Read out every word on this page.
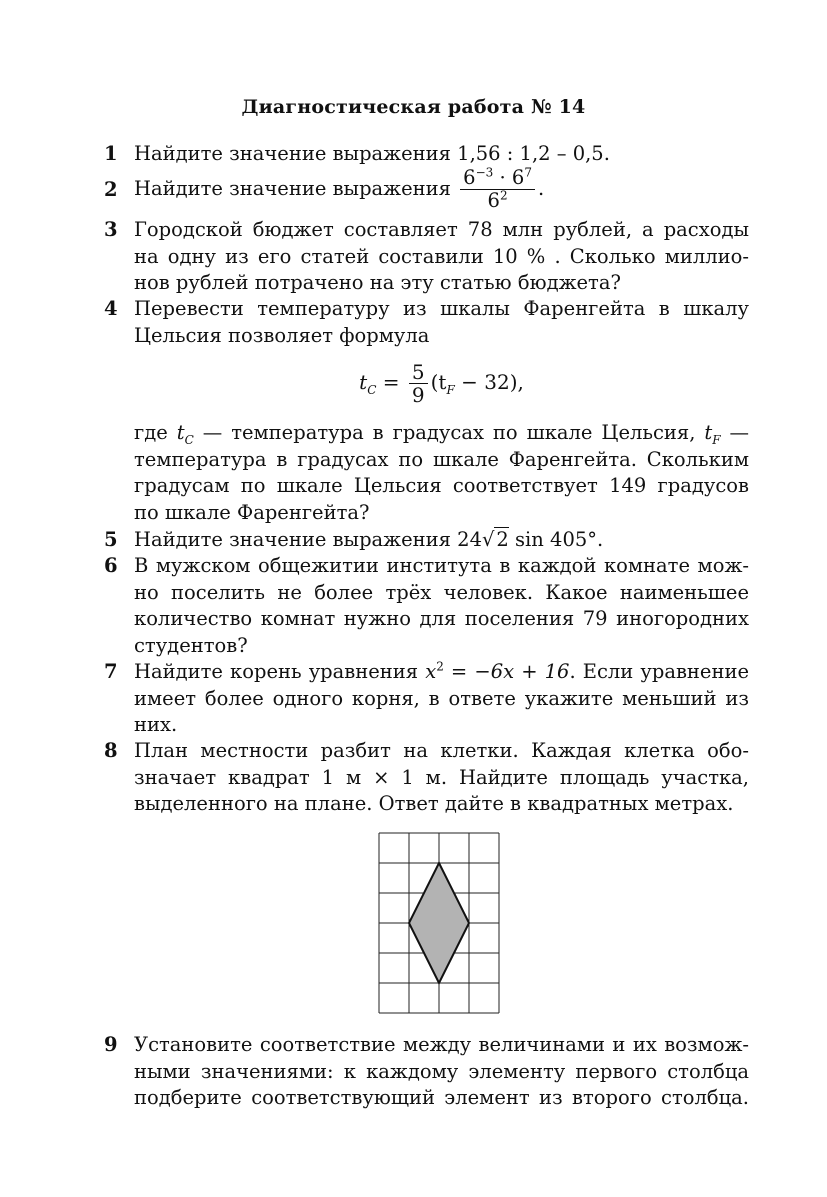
Диагностическая работа № 14
1 Найдите значение выражения 1,56 : 1,2 – 0,5.
2 Найдите значение выражения $\frac{6^{-3} \cdot 6^7}{6^2}$ .
3 Городской бюджет составляет 78 млн рублей, а расходы
на одну из его статей составили 10 % . Сколько миллио-
нов рублей потрачено на эту статью бюджета?
4 Перевести температуру из шкалы Фаренгейта в шкалу
Цельсия позволяет формула
$t_C = \frac{5}{9} (t_F - 32)$,
где $t_C$ — температура в градусах по шкале Цельсия, $t_F$ —
температура в градусах по шкале Фаренгейта. Скольким
градусам по шкале Цельсия соответствует 149 градусов
по шкале Фаренгейта?
5 Найдите значение выражения 24√ 2 sin 405°.
6 В мужском общежитии института в каждой комнате мож-
но поселить не более трёх человек. Какое наименьшее
количество комнат нужно для поселения 79 иногородних
студентов?
7 Найдите корень уравнения $x^2 = -6x + 16$. Если уравнение
имеет более одного корня, в ответе укажите меньший из
них.
8 План местности разбит на клетки. Каждая клетка обо-
значает квадрат 1 м × 1 м. Найдите площадь участка,
выделенного на плане. Ответ дайте в квадратных метрах.
9 Установите соответствие между величинами и их возмож-
ными значениями: к каждому элементу первого столбца
подберите соответствующий элемент из второго столбца.
